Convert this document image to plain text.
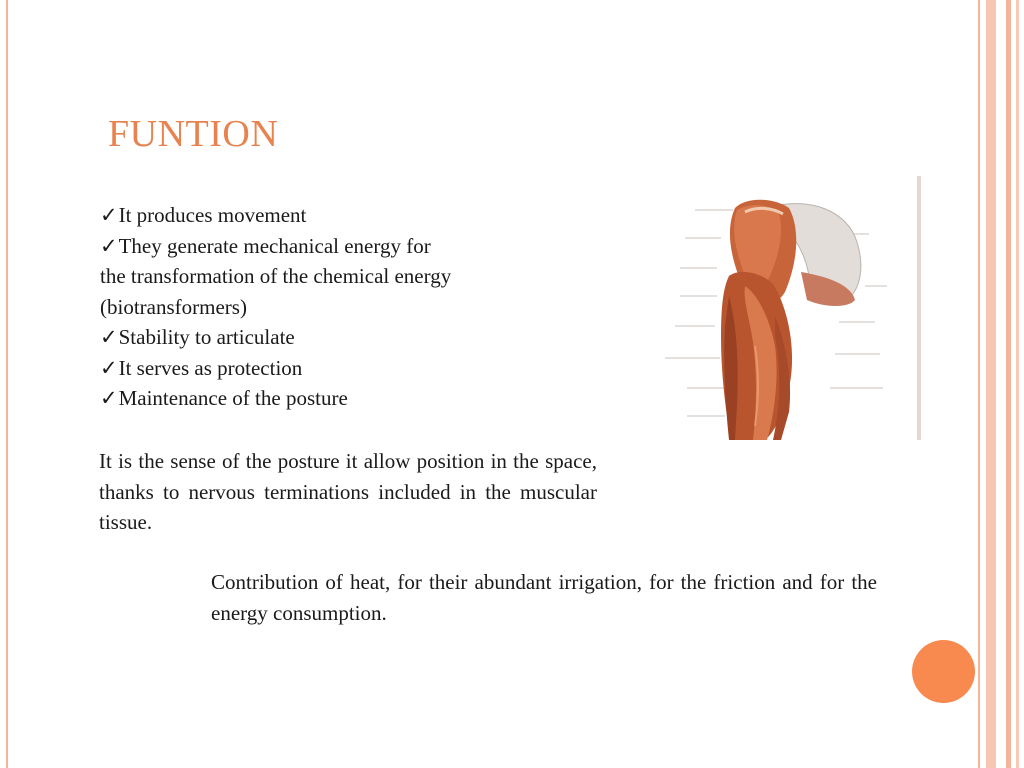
FUNTION
✓It produces movement
✓They generate mechanical energy for
the transformation of the chemical energy
(biotransformers)
✓Stability to articulate
✓It serves as protection
✓Maintenance of the posture
It is the sense of the posture it allow position in the space, thanks to nervous terminations included in the muscular tissue.
Contribution of heat, for their abundant irrigation, for the friction and for the energy consumption.
